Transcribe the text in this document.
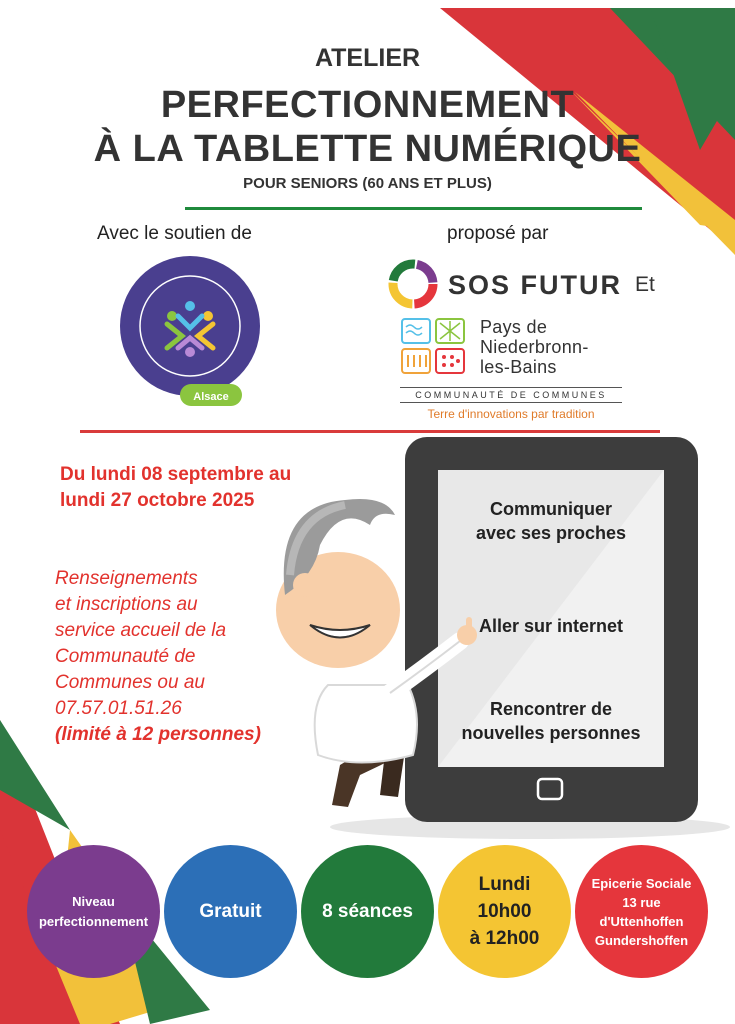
ATELIER
PERFECTIONNEMENT
À LA TABLETTE NUMÉRIQUE
POUR SENIORS (60 ANS ET PLUS)
Avec le soutien de	proposé par
Alsace
SOS FUTUR Et
Pays de
Niederbronn-
les-Bains
COMMUNAUTÉ DE COMMUNES
Terre d'innovations par tradition
Du lundi 08 septembre au
lundi 27 octobre 2025
Renseignements
et inscriptions au
service accueil de la
Communauté de
Communes ou au
07.57.01.51.26
(limité à 12 personnes)
Communiquer
avec ses proches
Aller sur internet
Rencontrer de
nouvelles personnes
Niveau
perfectionnement	Gratuit	8 séances
Lundi
10h00
à 12h00
Epicerie Sociale
13 rue
d'Uttenhoffen
Gundershoffen
